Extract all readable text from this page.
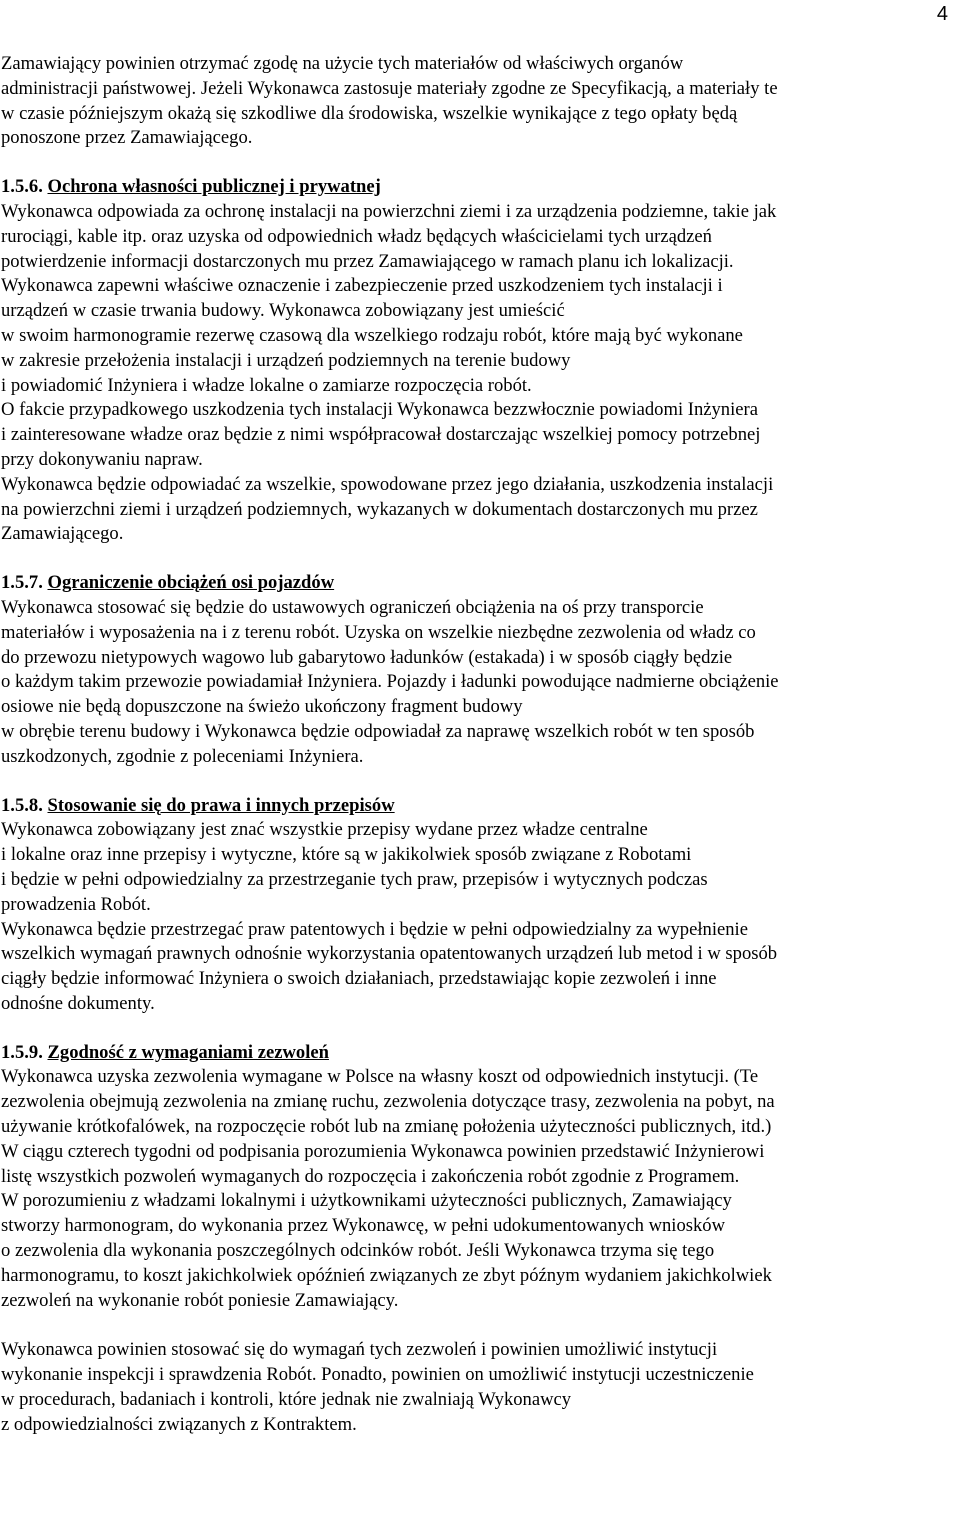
4
Zamawiający powinien otrzymać zgodę na użycie tych materiałów od właściwych organów
administracji państwowej. Jeżeli Wykonawca zastosuje materiały zgodne ze Specyfikacją, a materiały te
w czasie późniejszym okażą się szkodliwe dla środowiska, wszelkie wynikające z tego opłaty będą
ponoszone przez Zamawiającego.
1.5.6. Ochrona własności publicznej i prywatnej
Wykonawca odpowiada za ochronę instalacji na powierzchni ziemi i za urządzenia podziemne, takie jak
rurociągi, kable itp. oraz uzyska od odpowiednich władz będących właścicielami tych urządzeń
potwierdzenie informacji dostarczonych mu przez Zamawiającego w ramach planu ich lokalizacji.
Wykonawca zapewni właściwe oznaczenie i zabezpieczenie przed uszkodzeniem tych instalacji i
urządzeń w czasie trwania budowy. Wykonawca zobowiązany jest umieścić
w swoim harmonogramie rezerwę czasową dla wszelkiego rodzaju robót, które mają być wykonane
w zakresie przełożenia instalacji i urządzeń podziemnych na terenie budowy
i powiadomić Inżyniera i władze lokalne o zamiarze rozpoczęcia robót.
O fakcie przypadkowego uszkodzenia tych instalacji Wykonawca bezzwłocznie powiadomi Inżyniera
i zainteresowane władze oraz będzie z nimi współpracował dostarczając wszelkiej pomocy potrzebnej
przy dokonywaniu napraw.
Wykonawca będzie odpowiadać za wszelkie, spowodowane przez jego działania, uszkodzenia instalacji
na powierzchni ziemi i urządzeń podziemnych, wykazanych w dokumentach dostarczonych mu przez
Zamawiającego.
1.5.7. Ograniczenie obciążeń osi pojazdów
Wykonawca stosować się będzie do ustawowych ograniczeń obciążenia na oś przy transporcie
materiałów i wyposażenia na i z terenu robót. Uzyska on wszelkie niezbędne zezwolenia od władz co
do przewozu nietypowych wagowo lub gabarytowo ładunków (estakada) i w sposób ciągły będzie
o każdym takim przewozie powiadamiał Inżyniera. Pojazdy i ładunki powodujące nadmierne obciążenie
osiowe nie będą dopuszczone na świeżo ukończony fragment budowy
w obrębie terenu budowy i Wykonawca będzie odpowiadał za naprawę wszelkich robót w ten sposób
uszkodzonych, zgodnie z poleceniami Inżyniera.
1.5.8. Stosowanie się do prawa i innych przepisów
Wykonawca zobowiązany jest znać wszystkie przepisy wydane przez władze centralne
i lokalne oraz inne przepisy i wytyczne, które są w jakikolwiek sposób związane z Robotami
i będzie w pełni odpowiedzialny za przestrzeganie tych praw, przepisów i wytycznych podczas
prowadzenia Robót.
Wykonawca będzie przestrzegać praw patentowych i będzie w pełni odpowiedzialny za wypełnienie
wszelkich wymagań prawnych odnośnie wykorzystania opatentowanych urządzeń lub metod i w sposób
ciągły będzie informować Inżyniera o swoich działaniach, przedstawiając kopie zezwoleń i inne
odnośne dokumenty.
1.5.9. Zgodność z wymaganiami zezwoleń
Wykonawca uzyska zezwolenia wymagane w Polsce na własny koszt od odpowiednich instytucji. (Te
zezwolenia obejmują zezwolenia na zmianę ruchu, zezwolenia dotyczące trasy, zezwolenia na pobyt, na
używanie krótkofalówek, na rozpoczęcie robót lub na zmianę położenia użyteczności publicznych, itd.)
W ciągu czterech tygodni od podpisania porozumienia Wykonawca powinien przedstawić Inżynierowi
listę wszystkich pozwoleń wymaganych do rozpoczęcia i zakończenia robót zgodnie z Programem.
W porozumieniu z władzami lokalnymi i użytkownikami użyteczności publicznych, Zamawiający
stworzy harmonogram, do wykonania przez Wykonawcę, w pełni udokumentowanych wniosków
o zezwolenia dla wykonania poszczególnych odcinków robót. Jeśli Wykonawca trzyma się tego
harmonogramu, to koszt jakichkolwiek opóźnień związanych ze zbyt późnym wydaniem jakichkolwiek
zezwoleń na wykonanie robót poniesie Zamawiający.
Wykonawca powinien stosować się do wymagań tych zezwoleń i powinien umożliwić instytucji
wykonanie inspekcji i sprawdzenia Robót. Ponadto, powinien on umożliwić instytucji uczestniczenie
w procedurach, badaniach i kontroli, które jednak nie zwalniają Wykonawcy
z odpowiedzialności związanych z Kontraktem.
